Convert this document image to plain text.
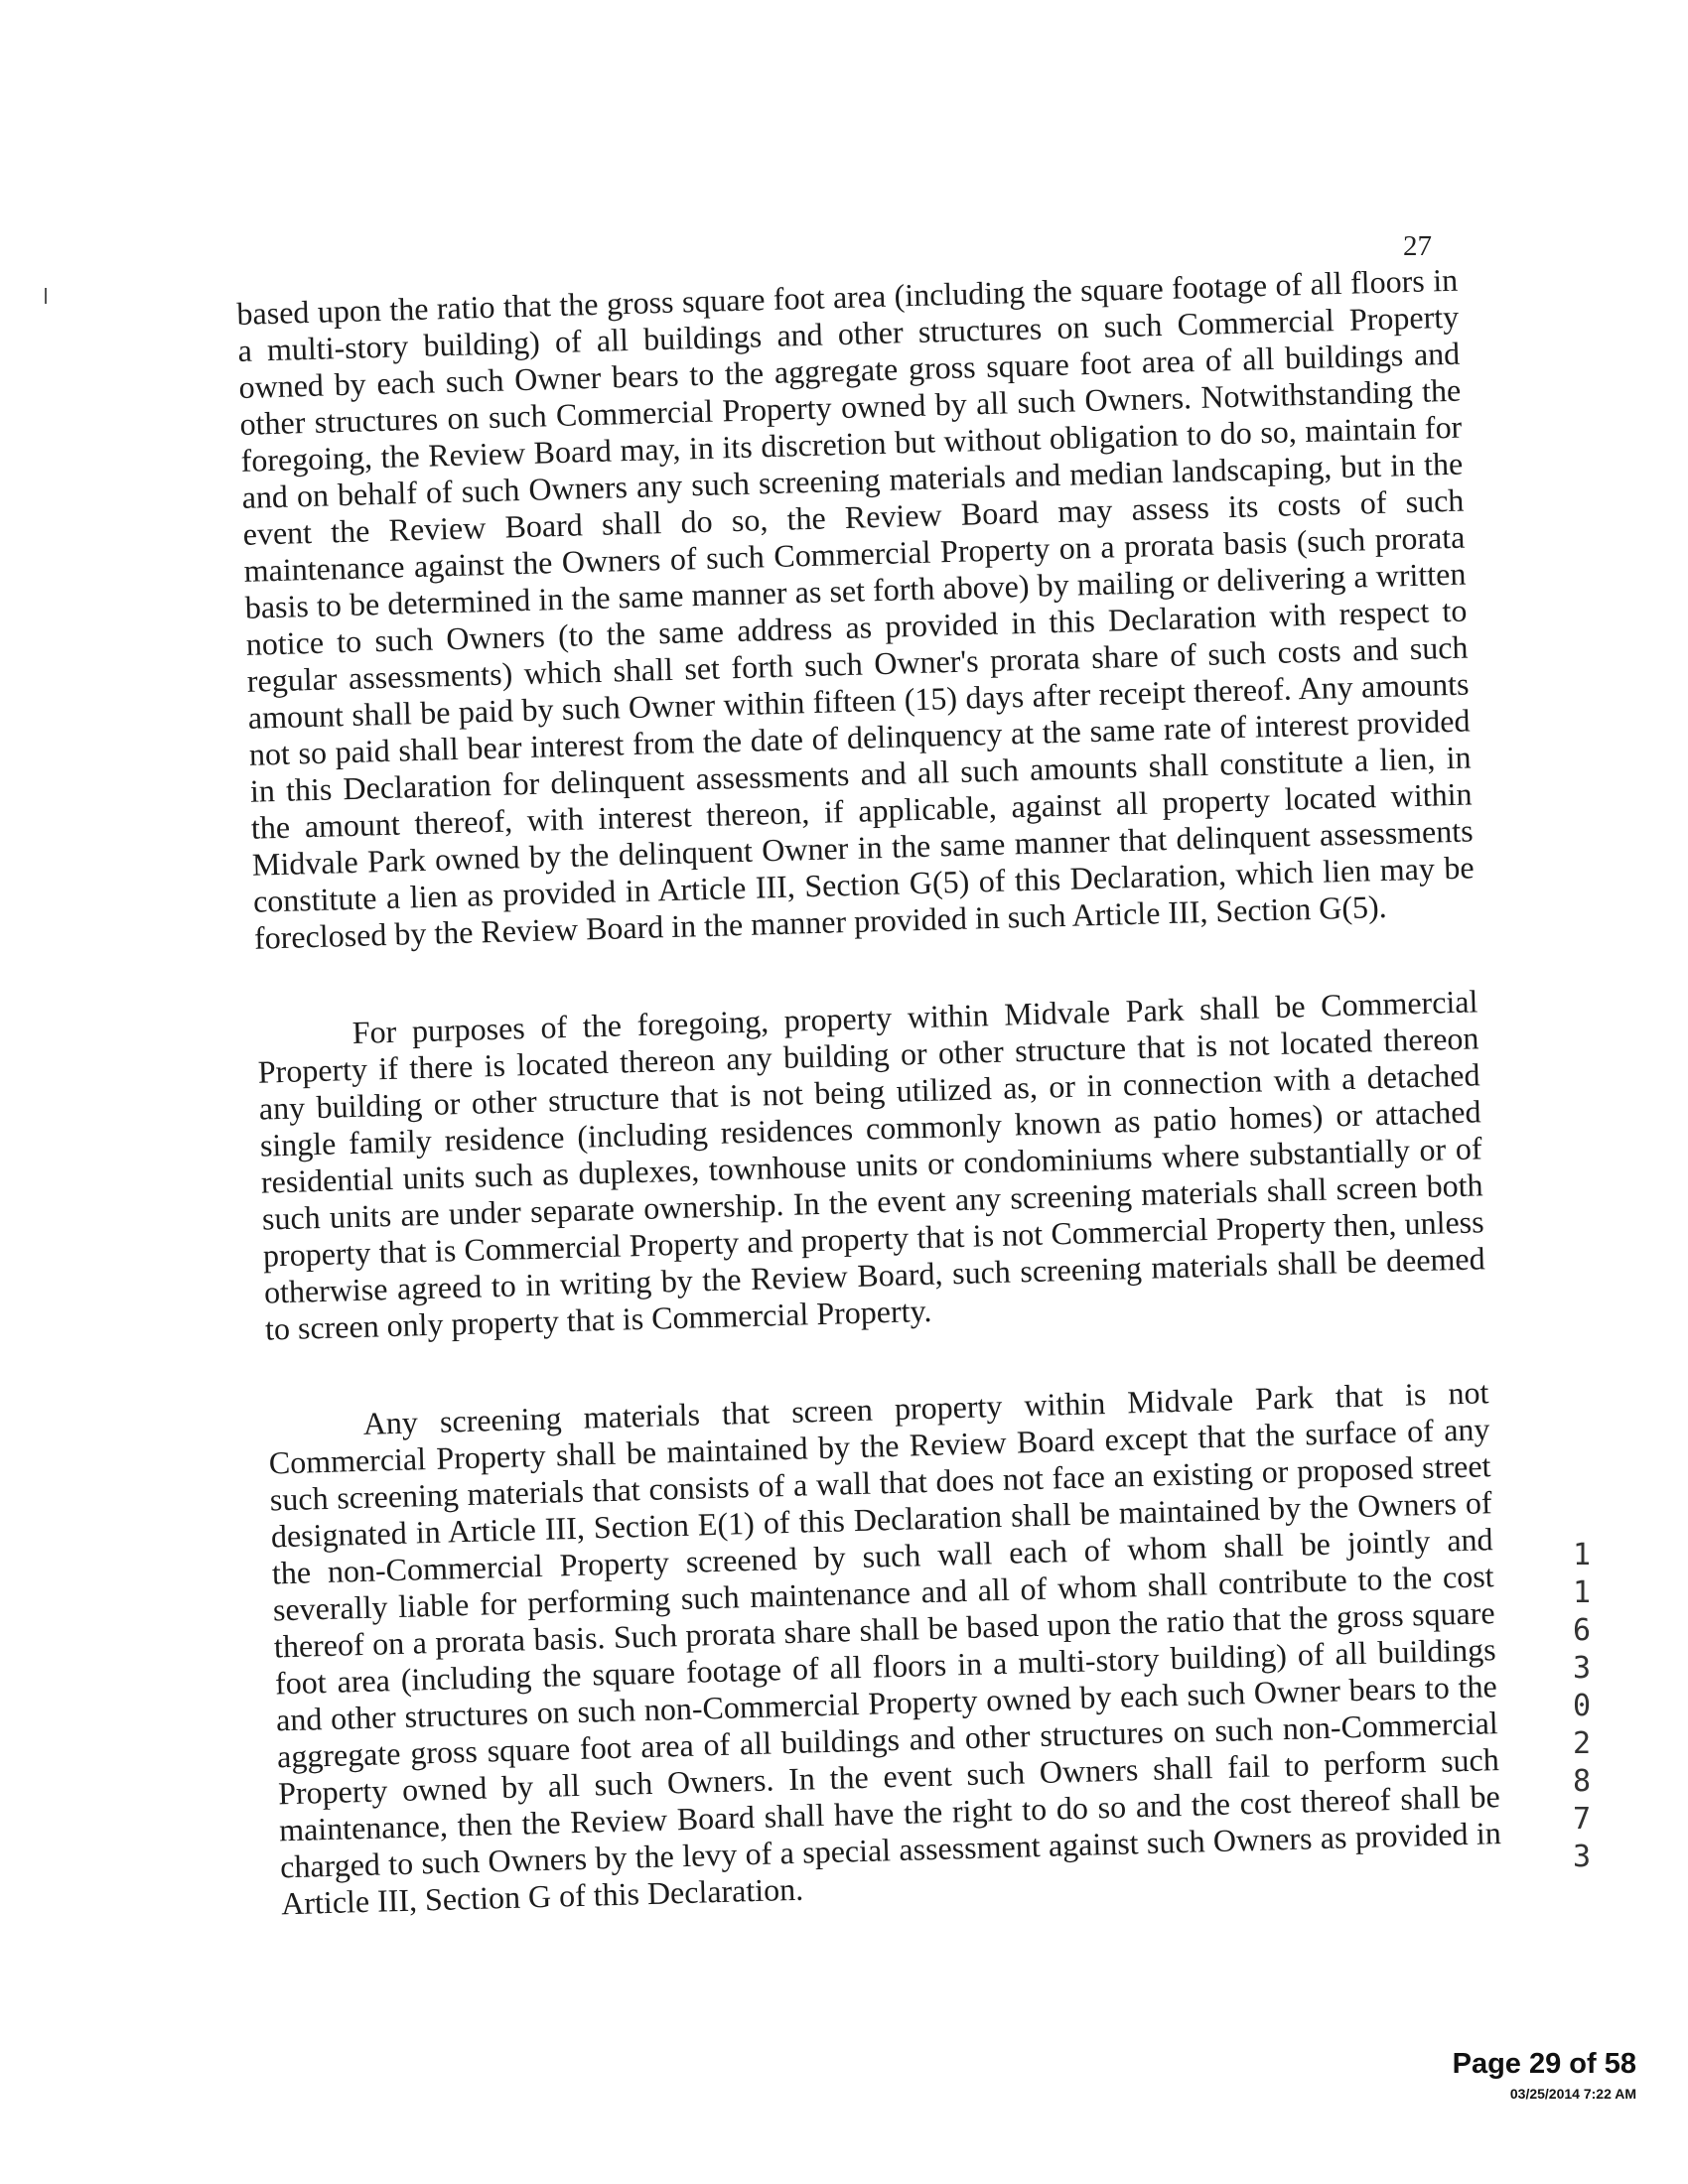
27

based upon the ratio that the gross square foot area (including the square footage of all floors in a multi-story building) of all buildings and other structures on such Commercial Property owned by each such Owner bears to the aggregate gross square foot area of all buildings and other structures on such Commercial Property owned by all such Owners. Notwithstanding the foregoing, the Review Board may, in its discretion but without obligation to do so, maintain for and on behalf of such Owners any such screening materials and median landscaping, but in the event the Review Board shall do so, the Review Board may assess its costs of such maintenance against the Owners of such Commercial Property on a prorata basis (such prorata basis to be determined in the same manner as set forth above) by mailing or delivering a written notice to such Owners (to the same address as provided in this Declaration with respect to regular assessments) which shall set forth such Owner's prorata share of such costs and such amount shall be paid by such Owner within fifteen (15) days after receipt thereof. Any amounts not so paid shall bear interest from the date of delinquency at the same rate of interest provided in this Declaration for delinquent assessments and all such amounts shall constitute a lien, in the amount thereof, with interest thereon, if applicable, against all property located within Midvale Park owned by the delinquent Owner in the same manner that delinquent assessments constitute a lien as provided in Article III, Section G(5) of this Declaration, which lien may be foreclosed by the Review Board in the manner provided in such Article III, Section G(5).

For purposes of the foregoing, property within Midvale Park shall be Commercial Property if there is located thereon any building or other structure that is not located thereon any building or other structure that is not being utilized as, or in connection with a detached single family residence (including residences commonly known as patio homes) or attached residential units such as duplexes, townhouse units or condominiums where substantially or of such units are under separate ownership. In the event any screening materials shall screen both property that is Commercial Property and property that is not Commercial Property then, unless otherwise agreed to in writing by the Review Board, such screening materials shall be deemed to screen only property that is Commercial Property.

Any screening materials that screen property within Midvale Park that is not Commercial Property shall be maintained by the Review Board except that the surface of any such screening materials that consists of a wall that does not face an existing or proposed street designated in Article III, Section E(1) of this Declaration shall be maintained by the Owners of the non-Commercial Property screened by such wall each of whom shall be jointly and severally liable for performing such maintenance and all of whom shall contribute to the cost thereof on a prorata basis. Such prorata share shall be based upon the ratio that the gross square foot area (including the square footage of all floors in a multi-story building) of all buildings and other structures on such non-Commercial Property owned by each such Owner bears to the aggregate gross square foot area of all buildings and other structures on such non-Commercial Property owned by all such Owners. In the event such Owners shall fail to perform such maintenance, then the Review Board shall have the right to do so and the cost thereof shall be charged to such Owners by the levy of a special assessment against such Owners as provided in Article III, Section G of this Declaration.

1
1
6
3
0
2
8
7
3
Page 29 of 58
03/25/2014 7:22 AM
